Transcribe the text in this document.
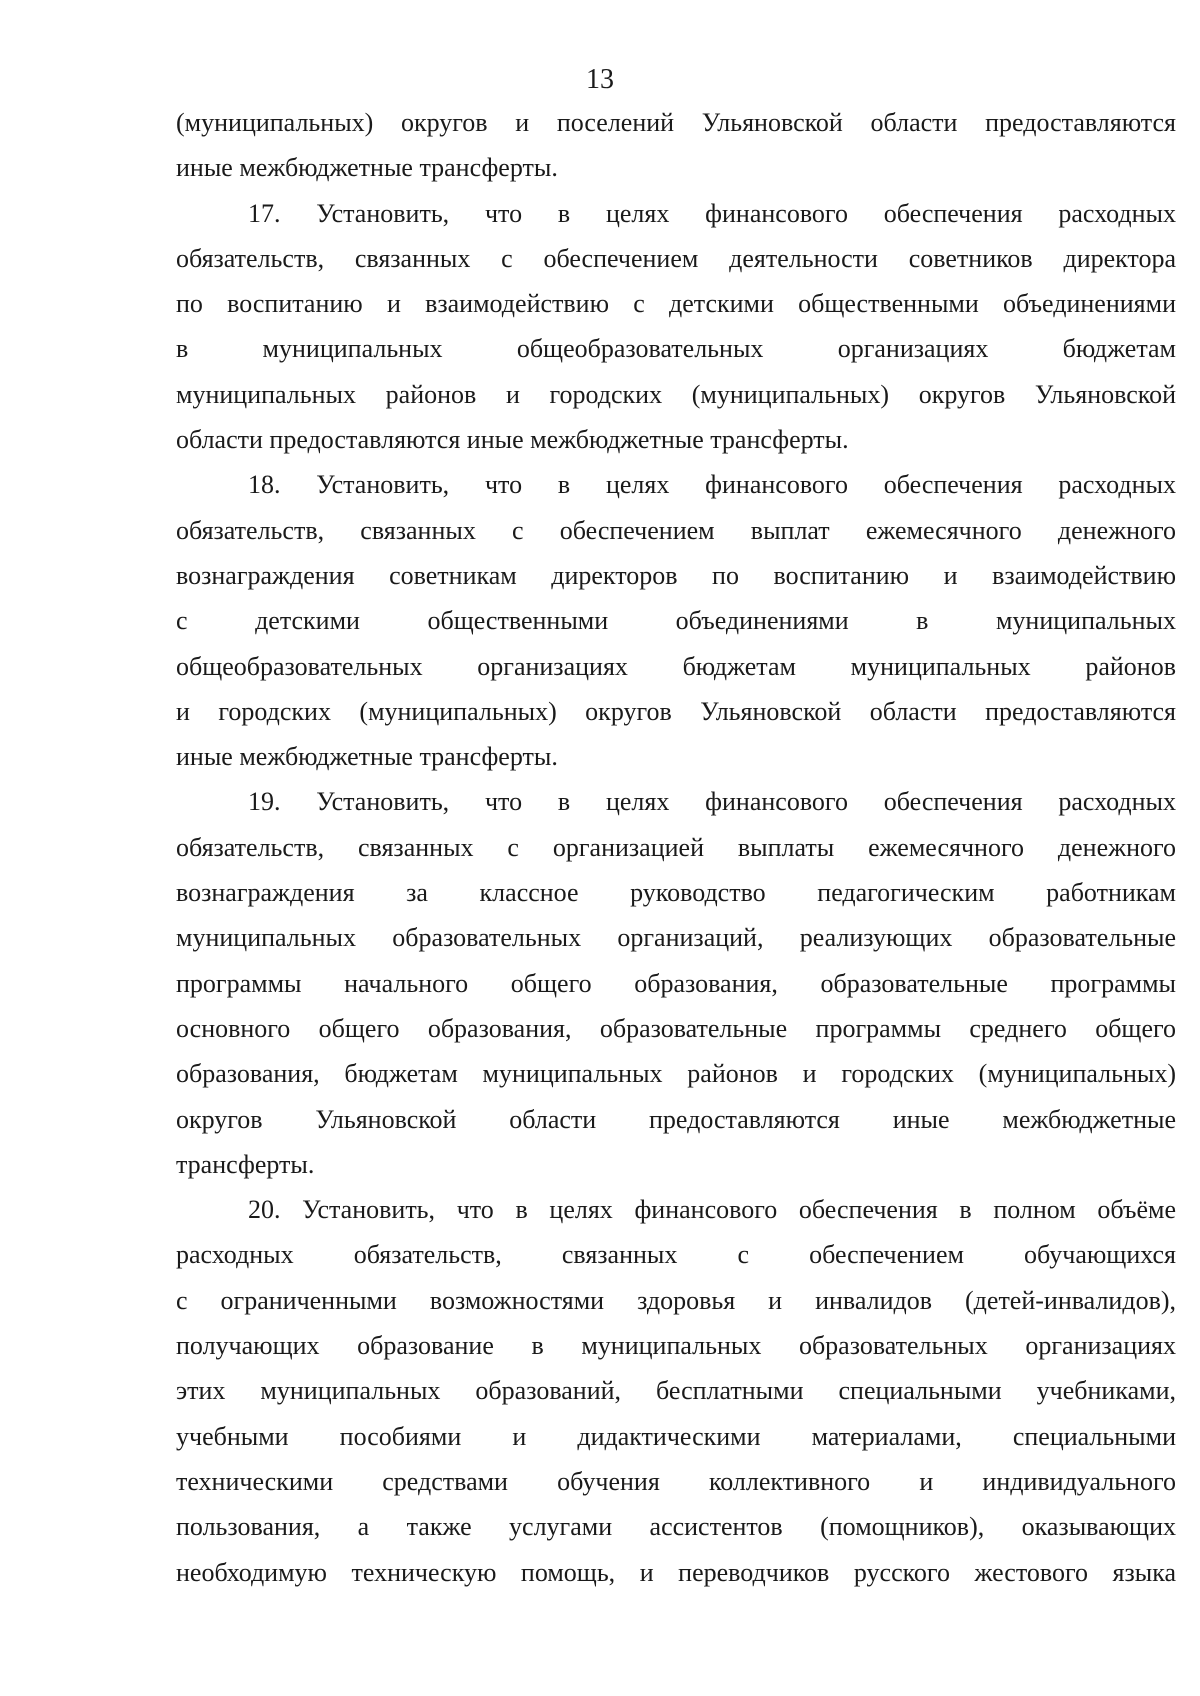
13
(муниципальных) округов и поселений Ульяновской области предоставляются
иные межбюджетные трансферты.
17. Установить, что в целях финансового обеспечения расходных
обязательств, связанных с обеспечением деятельности советников директора
по воспитанию и взаимодействию с детскими общественными объединениями
в муниципальных общеобразовательных организациях бюджетам
муниципальных районов и городских (муниципальных) округов Ульяновской
области предоставляются иные межбюджетные трансферты.
18. Установить, что в целях финансового обеспечения расходных
обязательств, связанных с обеспечением выплат ежемесячного денежного
вознаграждения советникам директоров по воспитанию и взаимодействию
с детскими общественными объединениями в муниципальных
общеобразовательных организациях бюджетам муниципальных районов
и городских (муниципальных) округов Ульяновской области предоставляются
иные межбюджетные трансферты.
19. Установить, что в целях финансового обеспечения расходных
обязательств, связанных с организацией выплаты ежемесячного денежного
вознаграждения за классное руководство педагогическим работникам
муниципальных образовательных организаций, реализующих образовательные
программы начального общего образования, образовательные программы
основного общего образования, образовательные программы среднего общего
образования, бюджетам муниципальных районов и городских (муниципальных)
округов Ульяновской области предоставляются иные межбюджетные
трансферты.
20. Установить, что в целях финансового обеспечения в полном объёме
расходных обязательств, связанных с обеспечением обучающихся
с ограниченными возможностями здоровья и инвалидов (детей-инвалидов),
получающих образование в муниципальных образовательных организациях
этих муниципальных образований, бесплатными специальными учебниками,
учебными пособиями и дидактическими материалами, специальными
техническими средствами обучения коллективного и индивидуального
пользования, а также услугами ассистентов (помощников), оказывающих
необходимую техническую помощь, и переводчиков русского жестового языка
